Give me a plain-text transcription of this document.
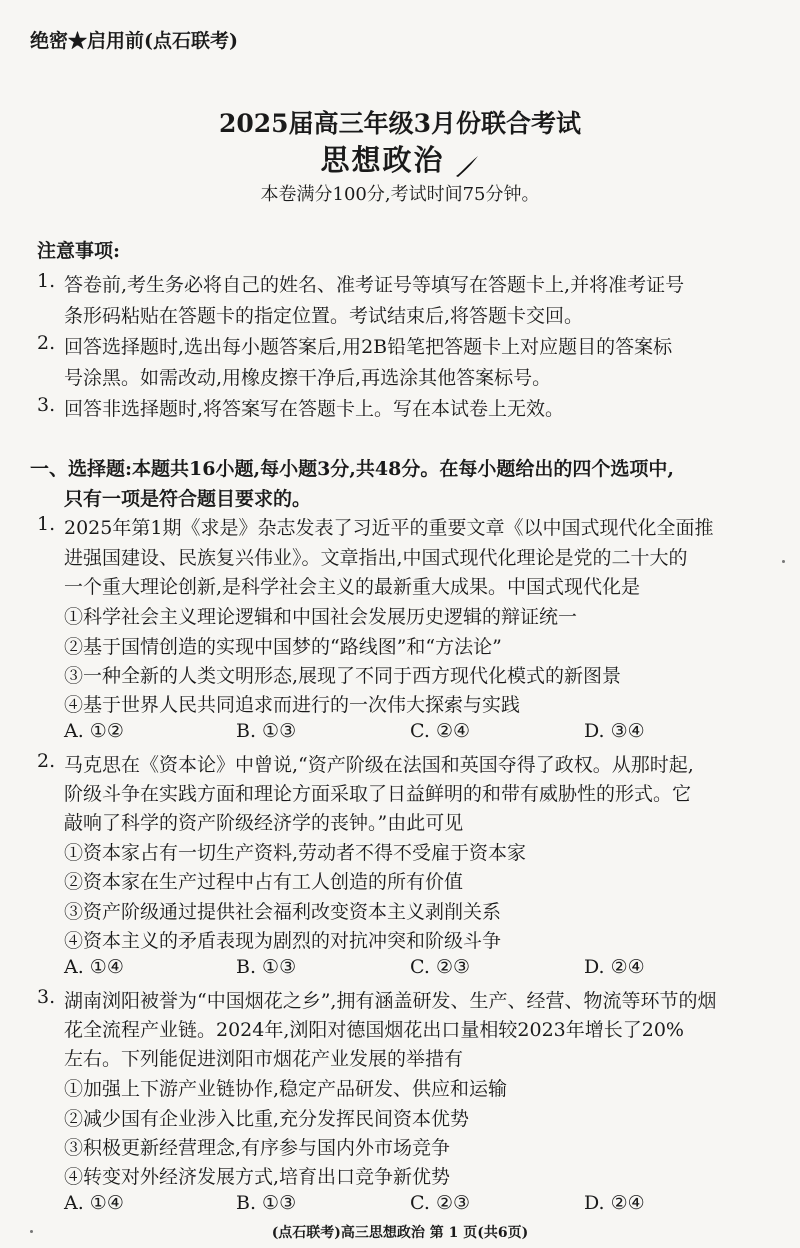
绝密★启用前(点石联考)
2025届高三年级3月份联合考试
思想政治
本卷满分100分,考试时间75分钟。
注意事项:
1. 答卷前,考生务必将自己的姓名、准考证号等填写在答题卡上,并将准考证号
条形码粘贴在答题卡的指定位置。考试结束后,将答题卡交回。
2. 回答选择题时,选出每小题答案后,用2B铅笔把答题卡上对应题目的答案标
号涂黑。如需改动,用橡皮擦干净后,再选涂其他答案标号。
3. 回答非选择题时,将答案写在答题卡上。写在本试卷上无效。
一、选择题:本题共16小题,每小题3分,共48分。在每小题给出的四个选项中,
只有一项是符合题目要求的。
1. 2025年第1期《求是》杂志发表了习近平的重要文章《以中国式现代化全面推
进强国建设、民族复兴伟业》。文章指出,中国式现代化理论是党的二十大的
一个重大理论创新,是科学社会主义的最新重大成果。中国式现代化是
①科学社会主义理论逻辑和中国社会发展历史逻辑的辩证统一
②基于国情创造的实现中国梦的“路线图”和“方法论”
③一种全新的人类文明形态,展现了不同于西方现代化模式的新图景
④基于世界人民共同追求而进行的一次伟大探索与实践
A. ①②	B. ①③	C. ②④	D. ③④
2. 马克思在《资本论》中曾说,“资产阶级在法国和英国夺得了政权。从那时起,
阶级斗争在实践方面和理论方面采取了日益鲜明的和带有威胁性的形式。它
敲响了科学的资产阶级经济学的丧钟。”由此可见
①资本家占有一切生产资料,劳动者不得不受雇于资本家
②资本家在生产过程中占有工人创造的所有价值
③资产阶级通过提供社会福利改变资本主义剥削关系
④资本主义的矛盾表现为剧烈的对抗冲突和阶级斗争
A. ①④	B. ①③	C. ②③	D. ②④
3. 湖南浏阳被誉为“中国烟花之乡”,拥有涵盖研发、生产、经营、物流等环节的烟
花全流程产业链。2024年,浏阳对德国烟花出口量相较2023年增长了20%
左右。下列能促进浏阳市烟花产业发展的举措有
①加强上下游产业链协作,稳定产品研发、供应和运输
②减少国有企业涉入比重,充分发挥民间资本优势
③积极更新经营理念,有序参与国内外市场竞争
④转变对外经济发展方式,培育出口竞争新优势
A. ①④	B. ①③	C. ②③	D. ②④
(点石联考)高三思想政治 第 1 页(共6页)
